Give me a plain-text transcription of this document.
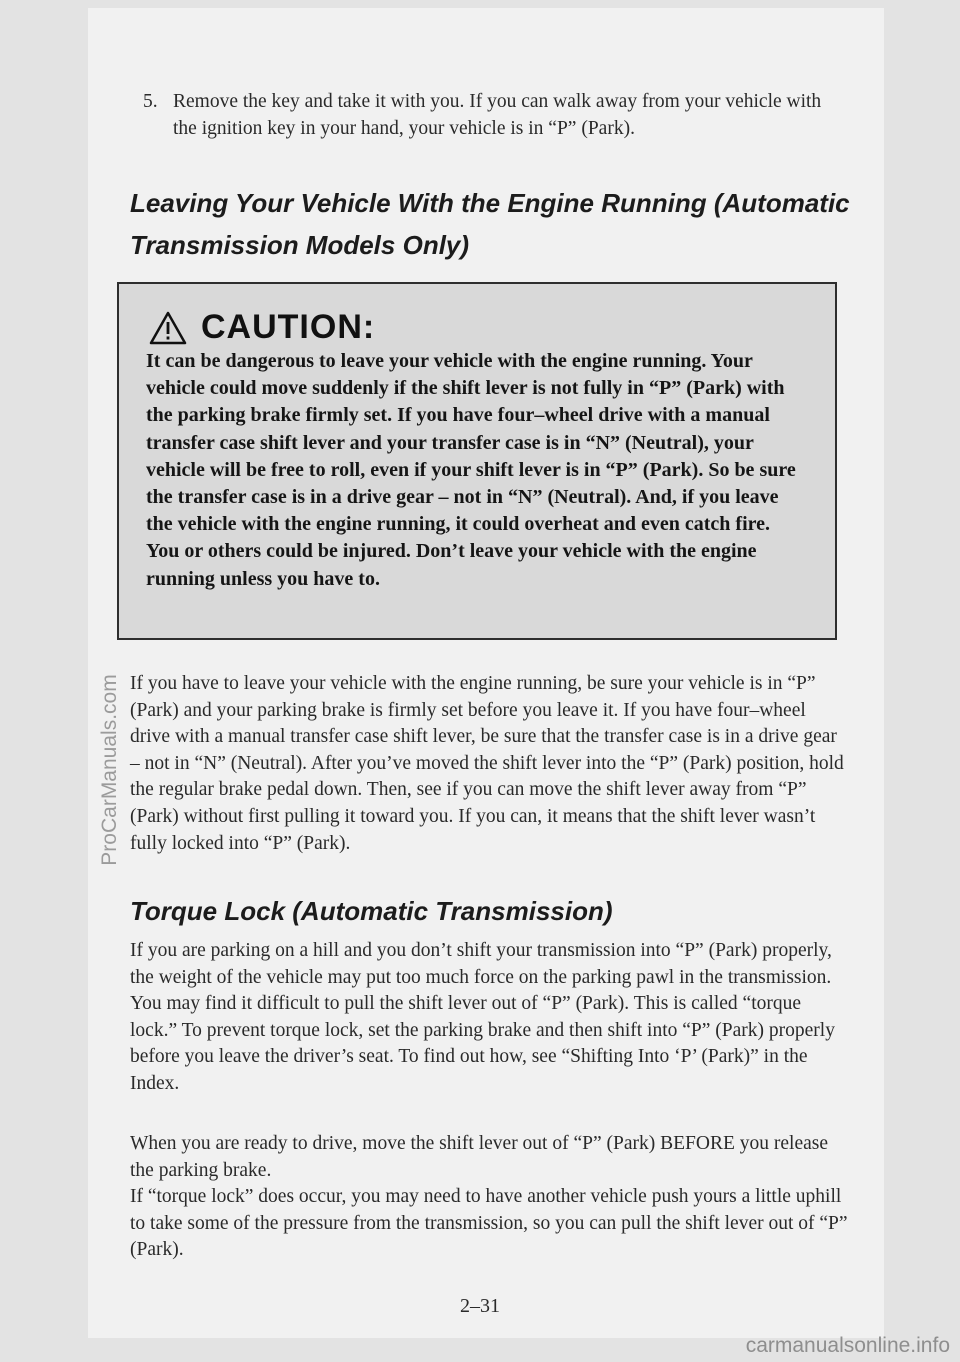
5. Remove the key and take it with you. If you can walk away from your vehicle with the ignition key in your hand, your vehicle is in “P” (Park).
Leaving Your Vehicle With the Engine Running (Automatic Transmission Models Only)
CAUTION:
It can be dangerous to leave your vehicle with the engine running. Your vehicle could move suddenly if the shift lever is not fully in “P” (Park) with the parking brake firmly set. If you have four–wheel drive with a manual transfer case shift lever and your transfer case is in “N” (Neutral), your vehicle will be free to roll, even if your shift lever is in “P” (Park). So be sure the transfer case is in a drive gear – not in “N” (Neutral). And, if you leave the vehicle with the engine running, it could overheat and even catch fire. You or others could be injured. Don’t leave your vehicle with the engine running unless you have to.

If you have to leave your vehicle with the engine running, be sure your vehicle is in “P” (Park) and your parking brake is firmly set before you leave it. If you have four–wheel drive with a manual transfer case shift lever, be sure that the transfer case is in a drive gear – not in “N” (Neutral). After you’ve moved the shift lever into the “P” (Park) position, hold the regular brake pedal down. Then, see if you can move the shift lever away from “P” (Park) without first pulling it toward you. If you can, it means that the shift lever wasn’t fully locked into “P” (Park).

Torque Lock (Automatic Transmission)

If you are parking on a hill and you don’t shift your transmission into “P” (Park) properly, the weight of the vehicle may put too much force on the parking pawl in the transmission. You may find it difficult to pull the shift lever out of “P” (Park). This is called “torque lock.” To prevent torque lock, set the parking brake and then shift into “P” (Park) properly before you leave the driver’s seat. To find out how, see “Shifting Into ‘P’ (Park)” in the Index.

When you are ready to drive, move the shift lever out of “P” (Park) BEFORE you release the parking brake.

If “torque lock” does occur, you may need to have another vehicle push yours a little uphill to take some of the pressure from the transmission, so you can pull the shift lever out of “P” (Park).

2–31
ProCarManuals.com
carmanualsonline.info
